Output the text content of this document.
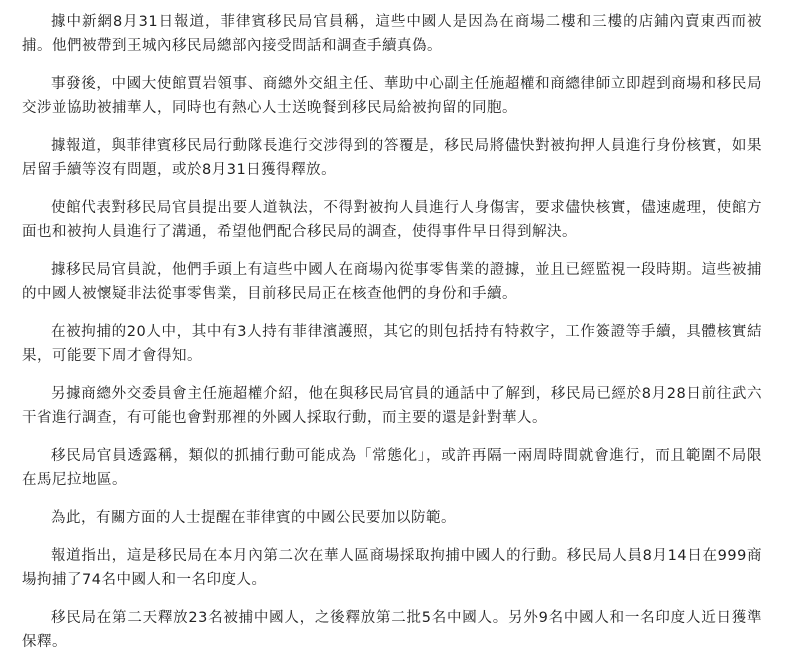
據中新網8月31日報道，菲律賓移民局官員稱，這些中國人是因為在商場二樓和三樓的店鋪內賣東西而被捕。他們被帶到王城內移民局總部內接受問話和調查手續真偽。

事發後，中國大使館賈岩領事、商總外交組主任、華助中心副主任施超權和商總律師立即趕到商場和移民局交涉並協助被捕華人，同時也有熱心人士送晚餐到移民局給被拘留的同胞。

據報道，與菲律賓移民局行動隊長進行交涉得到的答覆是，移民局將儘快對被拘押人員進行身份核實，如果居留手續等沒有問題，或於8月31日獲得釋放。

使館代表對移民局官員提出要人道執法，不得對被拘人員進行人身傷害，要求儘快核實，儘速處理，使館方面也和被拘人員進行了溝通，希望他們配合移民局的調查，使得事件早日得到解決。

據移民局官員說，他們手頭上有這些中國人在商場內從事零售業的證據，並且已經監視一段時期。這些被捕的中國人被懷疑非法從事零售業，目前移民局正在核查他們的身份和手續。

在被拘捕的20人中，其中有3人持有菲律濱護照，其它的則包括持有特救字，工作簽證等手續，具體核實結果，可能要下周才會得知。

另據商總外交委員會主任施超權介紹，他在與移民局官員的通話中了解到，移民局已經於8月28日前往武六干省進行調查，有可能也會對那裡的外國人採取行動，而主要的還是針對華人。

移民局官員透露稱，類似的抓捕行動可能成為「常態化」，或許再隔一兩周時間就會進行，而且範圍不局限在馬尼拉地區。

為此，有關方面的人士提醒在菲律賓的中國公民要加以防範。

報道指出，這是移民局在本月內第二次在華人區商場採取拘捕中國人的行動。移民局人員8月14日在999商場拘捕了74名中國人和一名印度人。

移民局在第二天釋放23名被捕中國人，之後釋放第二批5名中國人。另外9名中國人和一名印度人近日獲準保釋。
